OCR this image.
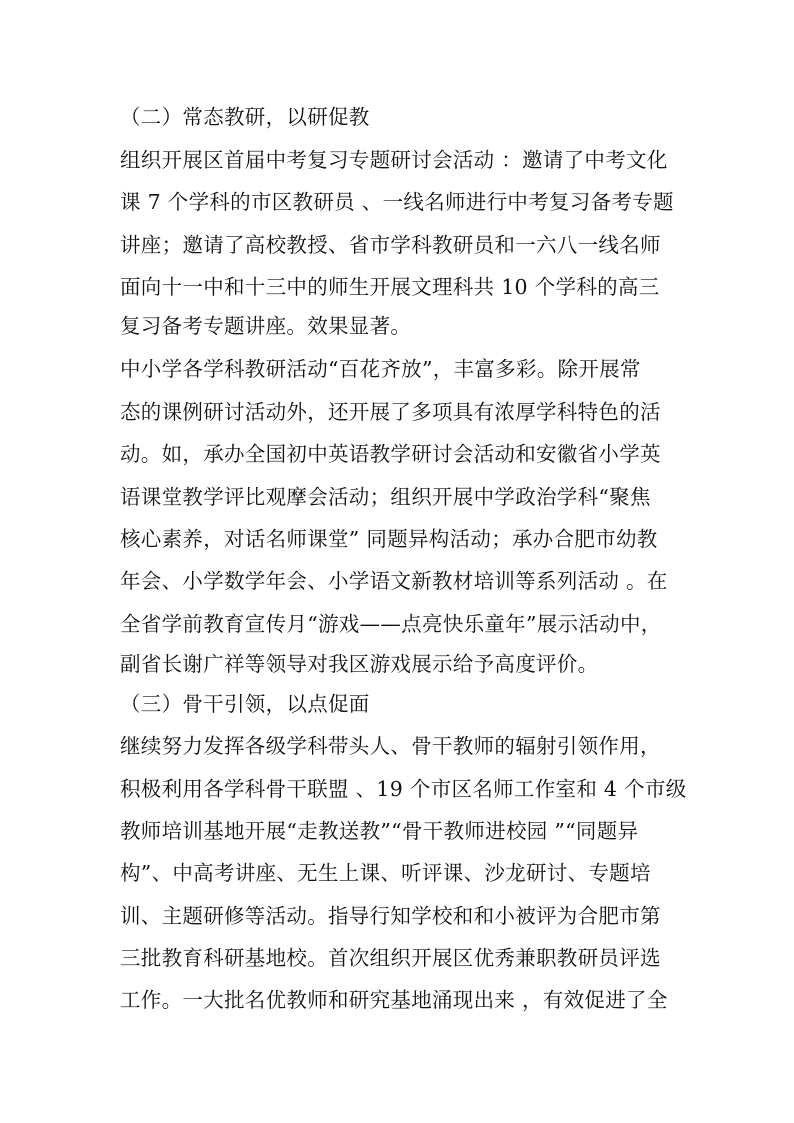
（二）常态教研，以研促教
组织开展区首届中考复习专题研讨会活动 ：邀请了中考文化
课 7 个学科的市区教研员 、一线名师进行中考复习备考专题
讲座；邀请了高校教授、省市学科教研员和一六八一线名师
面向十一中和十三中的师生开展文理科共 10 个学科的高三
复习备考专题讲座。效果显著。
中小学各学科教研活动“百花齐放”，丰富多彩。除开展常
态的课例研讨活动外，还开展了多项具有浓厚学科特色的活
动。如，承办全国初中英语教学研讨会活动和安徽省小学英
语课堂教学评比观摩会活动；组织开展中学政治学科“聚焦
核心素养，对话名师课堂” 同题异构活动；承办合肥市幼教
年会、小学数学年会、小学语文新教材培训等系列活动 。在
全省学前教育宣传月“游戏——点亮快乐童年”展示活动中，
副省长谢广祥等领导对我区游戏展示给予高度评价。
（三）骨干引领，以点促面
继续努力发挥各级学科带头人、骨干教师的辐射引领作用，
积极利用各学科骨干联盟 、19 个市区名师工作室和 4 个市级
教师培训基地开展“走教送教”“骨干教师进校园 ”“同题异
构”、中高考讲座、无生上课、听评课、沙龙研讨、专题培
训、主题研修等活动。指导行知学校和和小被评为合肥市第
三批教育科研基地校。首次组织开展区优秀兼职教研员评选
工作。一大批名优教师和研究基地涌现出来 ，有效促进了全
